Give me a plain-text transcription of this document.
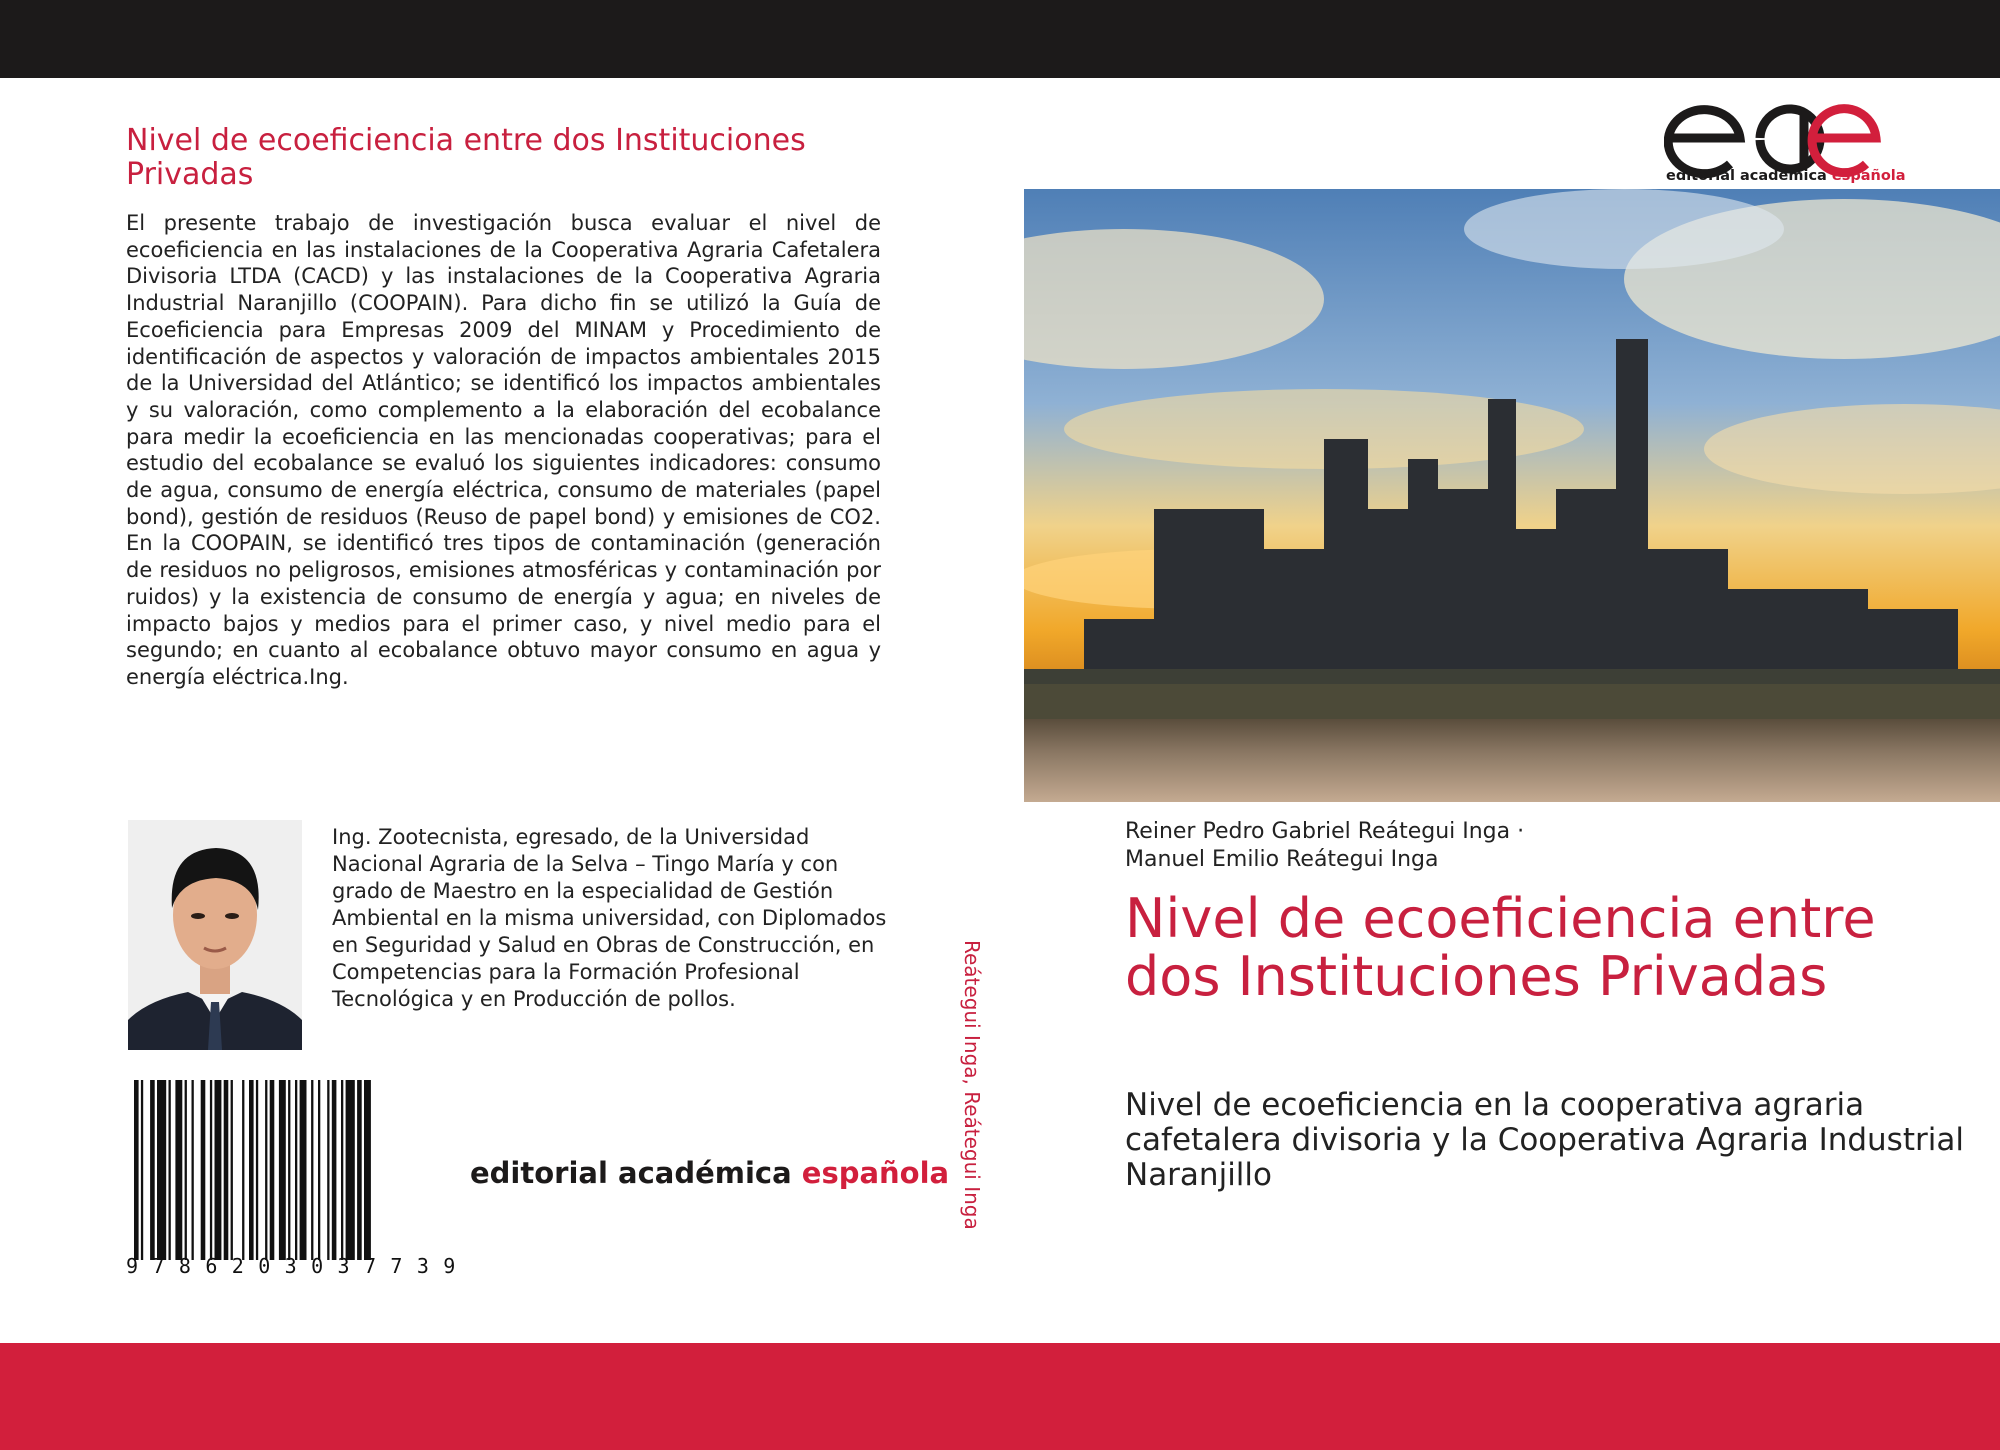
Nivel de ecoeficiencia entre dos Instituciones Privadas
El presente trabajo de investigación busca evaluar el nivel de ecoeficiencia en las instalaciones de la Cooperativa Agraria Cafetalera Divisoria LTDA (CACD) y las instalaciones de la Cooperativa Agraria Industrial Naranjillo (COOPAIN). Para dicho fin se utilizó la Guía de Ecoeficiencia para Empresas 2009 del MINAM y Procedimiento de identificación de aspectos y valoración de impactos ambientales 2015 de la Universidad del Atlántico; se identificó los impactos ambientales y su valoración, como complemento a la elaboración del ecobalance para medir la ecoeficiencia en las mencionadas cooperativas; para el estudio del ecobalance se evaluó los siguientes indicadores: consumo de agua, consumo de energía eléctrica, consumo de materiales (papel bond), gestión de residuos (Reuso de papel bond) y emisiones de CO2. En la COOPAIN, se identificó tres tipos de contaminación (generación de residuos no peligrosos, emisiones atmosféricas y contaminación por ruidos) y la existencia de consumo de energía y agua; en niveles de impacto bajos y medios para el primer caso, y nivel medio para el segundo; en cuanto al ecobalance obtuvo mayor consumo en agua y energía eléctrica.Ing.
Ing. Zootecnista, egresado, de la Universidad Nacional Agraria de la Selva – Tingo María y con grado de Maestro en la especialidad de Gestión Ambiental en la misma universidad, con Diplomados en Seguridad y Salud en Obras de Construcción, en Competencias para la Formación Profesional Tecnológica y en Producción de pollos.
9786203037739
editorial académica española Reátegui Inga, Reátegui Inga
editorial académica española
Reiner Pedro Gabriel Reátegui Inga ·
Manuel Emilio Reátegui Inga
Nivel de ecoeficiencia entre dos Instituciones Privadas
Nivel de ecoeficiencia en la cooperativa agraria cafetalera divisoria y la Cooperativa Agraria Industrial Naranjillo
